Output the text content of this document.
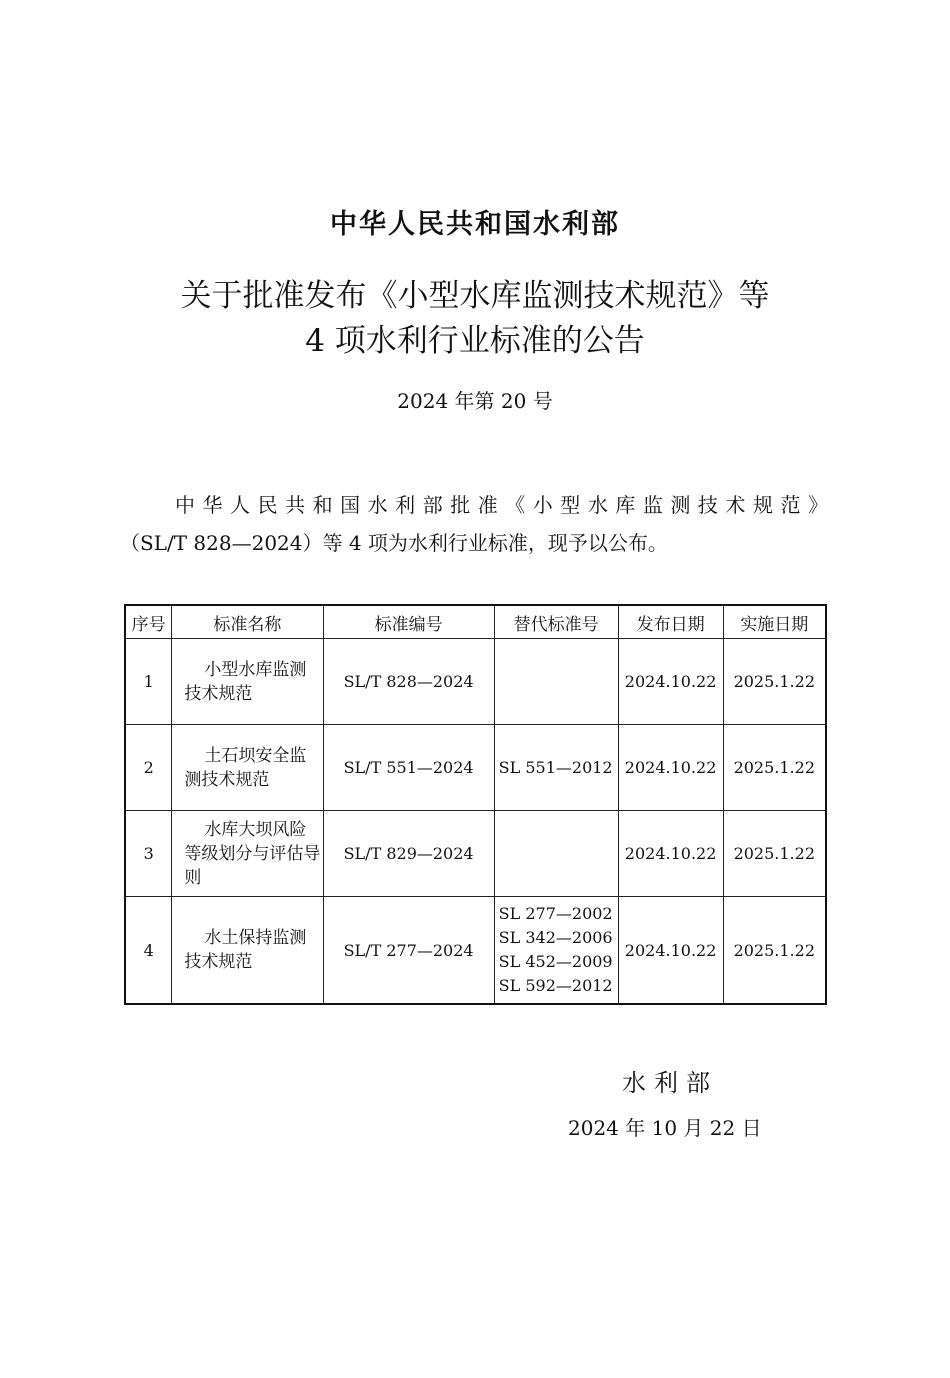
中华人民共和国水利部
关于批准发布《小型水库监测技术规范》等
4 项水利行业标准的公告
2024 年第 20 号
中华人民共和国水利部批准《小型水库监测技术规范》
（SL/T 828—2024）等 4 项为水利行业标准，现予以公布。
序号	标准名称	标准编号	替代标准号	发布日期	实施日期
1	小型水库监测技术规范	SL/T 828—2024		2024.10.22	2025.1.22
2	土石坝安全监测技术规范	SL/T 551—2024	SL 551—2012	2024.10.22	2025.1.22
3	水库大坝风险等级划分与评估导则	SL/T 829—2024		2024.10.22	2025.1.22
4	水土保持监测技术规范	SL/T 277—2024	SL 277—2002
SL 342—2006
SL 452—2009
SL 592—2012	2024.10.22	2025.1.22
水利部
2024 年 10 月 22 日
